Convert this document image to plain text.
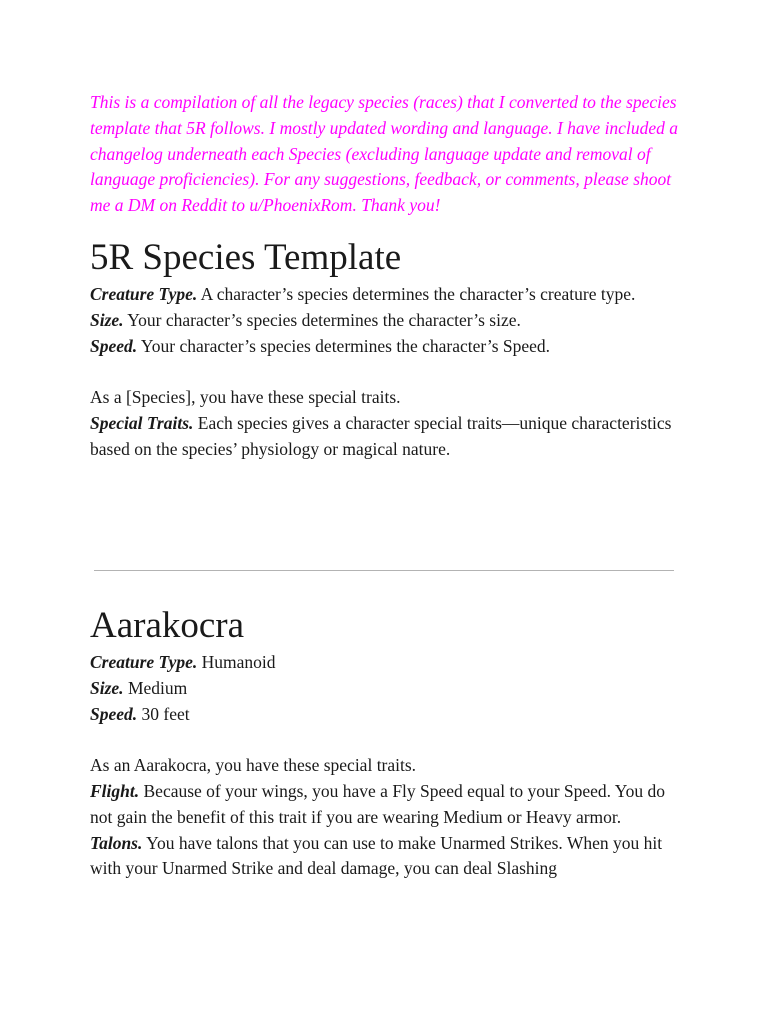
This is a compilation of all the legacy species (races) that I converted to the species template that 5R follows. I mostly updated wording and language. I have included a changelog underneath each Species (excluding language update and removal of language proficiencies). For any suggestions, feedback, or comments, please shoot me a DM on Reddit to u/PhoenixRom. Thank you!

5R Species Template

Creature Type. A character’s species determines the character’s creature type.

Size. Your character’s species determines the character’s size.

Speed. Your character’s species determines the character’s Speed.

As a [Species], you have these special traits.

Special Traits. Each species gives a character special traits—unique characteristics based on the species’ physiology or magical nature.

Aarakocra

Creature Type. Humanoid

Size. Medium

Speed. 30 feet

As an Aarakocra, you have these special traits.

Flight. Because of your wings, you have a Fly Speed equal to your Speed. You do not gain the benefit of this trait if you are wearing Medium or Heavy armor.

Talons. You have talons that you can use to make Unarmed Strikes. When you hit with your Unarmed Strike and deal damage, you can deal Slashing
